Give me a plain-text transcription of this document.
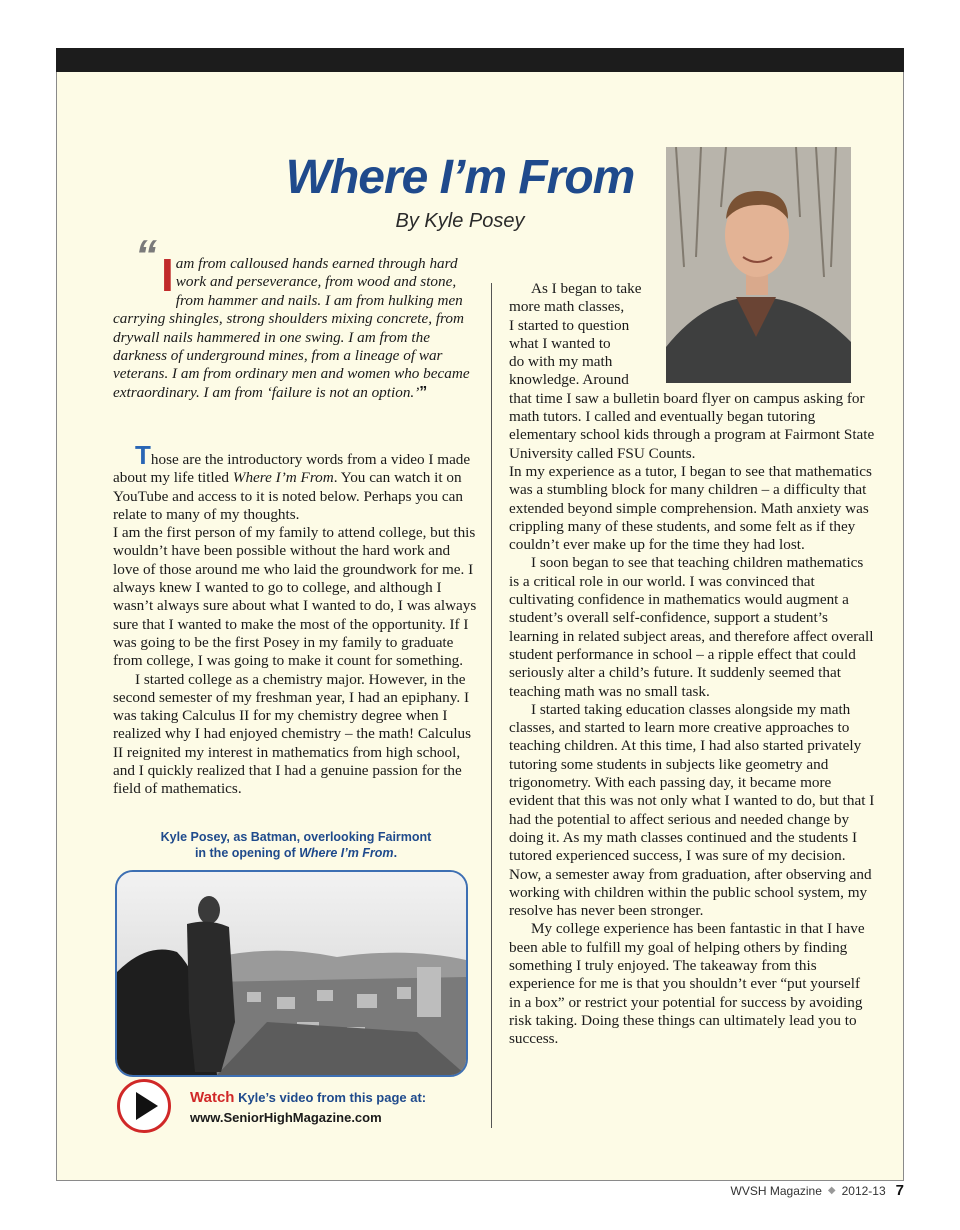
Where I’m From
By Kyle Posey

“ I am from calloused hands earned through hard work and perseverance, from wood and stone, from hammer and nails. I am from hulking men carrying shingles, strong shoulders mixing concrete, from drywall nails hammered in one swing. I am from the darkness of underground mines, from a lineage of war veterans. I am from ordinary men and women who became extraordinary. I am from ‘failure is not an option.’”

Those are the introductory words from a video I made about my life titled Where I’m From. You can watch it on YouTube and access to it is noted below. Perhaps you can relate to many of my thoughts.

I am the first person of my family to attend college, but this wouldn’t have been possible without the hard work and love of those around me who laid the groundwork for me. I always knew I wanted to go to college, and although I wasn’t always sure about what I wanted to do, I was always sure that I wanted to make the most of the opportunity. If I was going to be the first Posey in my family to graduate from college, I was going to make it count for something.

I started college as a chemistry major. However, in the second semester of my freshman year, I had an epiphany. I was taking Calculus II for my chemistry degree when I realized why I had enjoyed chemistry – the math! Calculus II reignited my interest in mathematics from high school, and I quickly realized that I had a genuine passion for the field of mathematics.

Kyle Posey, as Batman, overlooking Fairmont
in the opening of Where I’m From.
Watch Kyle’s video from this page at:
www.SeniorHighMagazine.com
As I began to take
more math classes,
I started to question
what I wanted to
do with my math
knowledge. Around

that time I saw a bulletin board flyer on campus asking for math tutors. I called and eventually began tutoring elementary school kids through a program at Fairmont State University called FSU Counts.

In my experience as a tutor, I began to see that mathematics was a stumbling block for many children – a difficulty that extended beyond simple comprehension. Math anxiety was crippling many of these students, and some felt as if they couldn’t ever make up for the time they had lost.

I soon began to see that teaching children mathematics is a critical role in our world. I was convinced that cultivating confidence in mathematics would augment a student’s overall self-confidence, support a student’s learning in related subject areas, and therefore affect overall student performance in school – a ripple effect that could seriously alter a child’s future. It suddenly seemed that teaching math was no small task.

I started taking education classes alongside my math classes, and started to learn more creative approaches to teaching children. At this time, I had also started privately tutoring some students in subjects like geometry and trigonometry. With each passing day, it became more evident that this was not only what I wanted to do, but that I had the potential to affect serious and needed change by doing it. As my math classes continued and the students I tutored experienced success, I was sure of my decision. Now, a semester away from graduation, after observing and working with children within the public school system, my resolve has never been stronger.

My college experience has been fantastic in that I have been able to fulfill my goal of helping others by finding something I truly enjoyed. The takeaway from this experience for me is that you shouldn’t ever “put yourself in a box” or restrict your potential for success by avoiding risk taking. Doing these things can ultimately lead you to success.

WVSH Magazine ◆ 2012-13 7
